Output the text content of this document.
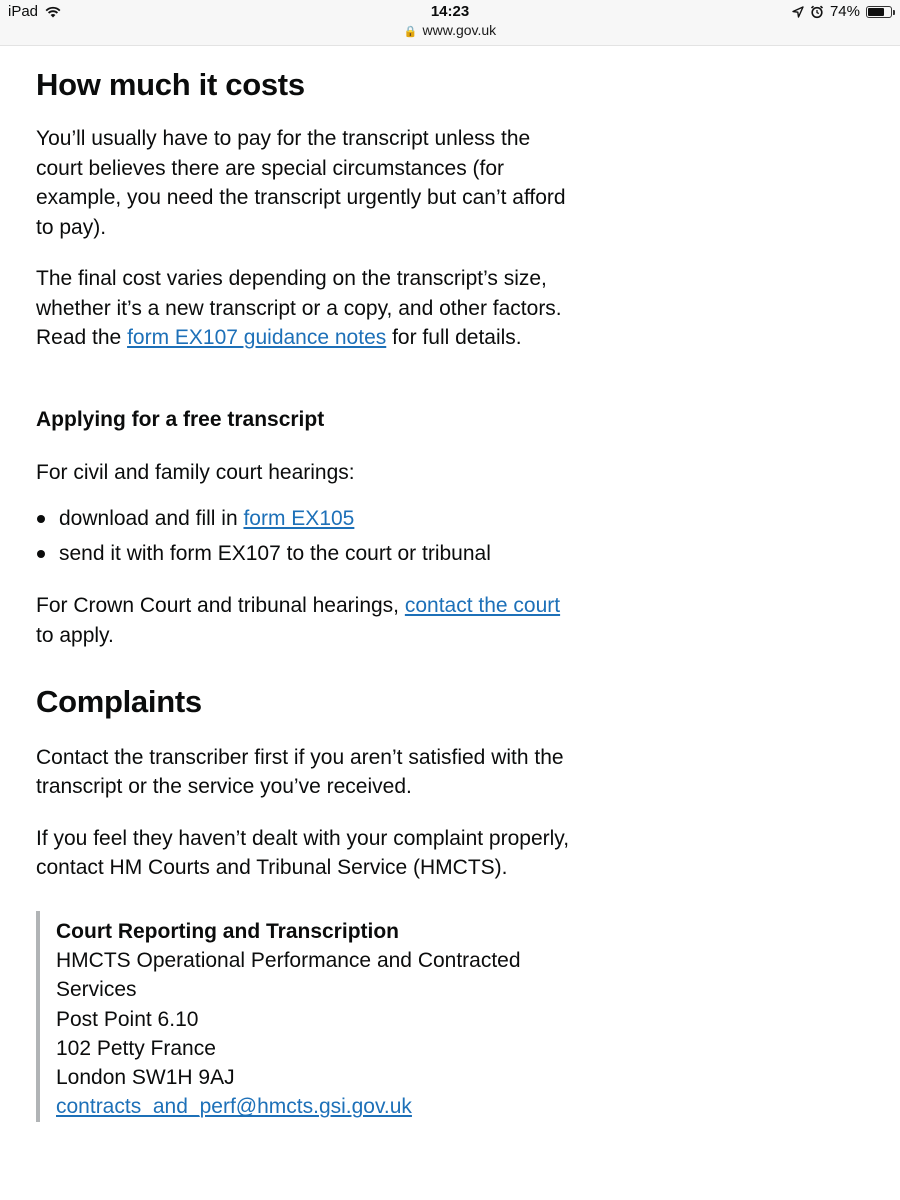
iPad	14:23
🔒 www.gov.uk
74%
How much it costs

You’ll usually have to pay for the transcript unless the court believes there are special circumstances (for example, you need the transcript urgently but can’t afford to pay).

The final cost varies depending on the transcript’s size, whether it’s a new transcript or a copy, and other factors. Read the form EX107 guidance notes for full details.

Applying for a free transcript

For civil and family court hearings:

download and fill in form EX105
send it with form EX107 to the court or tribunal

For Crown Court and tribunal hearings, contact the court to apply.

Complaints

Contact the transcriber first if you aren’t satisfied with the transcript or the service you’ve received.

If you feel they haven’t dealt with your complaint properly, contact HM Courts and Tribunal Service (HMCTS).

Court Reporting and Transcription
HMCTS Operational Performance and Contracted Services
Post Point 6.10
102 Petty France
London SW1H 9AJ
contracts_and_perf@hmcts.gsi.gov.uk
